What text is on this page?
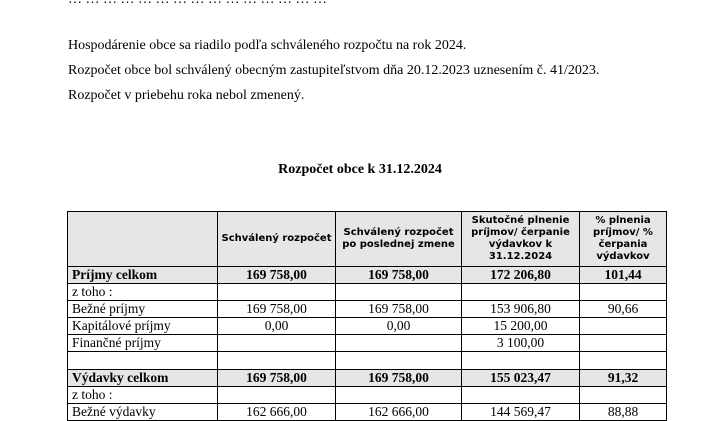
Hospodárenie obce sa riadilo podľa schváleného rozpočtu na rok 2024.
Rozpočet obce bol schválený obecným zastupiteľstvom dňa 20.12.2023 uznesením č. 41/2023.
Rozpočet v priebehu roka nebol zmenený.
Rozpočet obce k 31.12.2024
	Schválený rozpočet	Schválený rozpočet po poslednej zmene	Skutočné plnenie príjmov/ čerpanie výdavkov k 31.12.2024	% plnenia príjmov/ % čerpania výdavkov
Príjmy celkom	169 758,00	169 758,00	172 206,80	101,44
z toho :				
Bežné príjmy	169 758,00	169 758,00	153 906,80	90,66
Kapitálové príjmy	0,00	0,00	15 200,00	
Finančné príjmy			3 100,00	

Výdavky celkom	169 758,00	169 758,00	155 023,47	91,32
z toho :				
Bežné výdavky	162 666,00	162 666,00	144 569,47	88,88
